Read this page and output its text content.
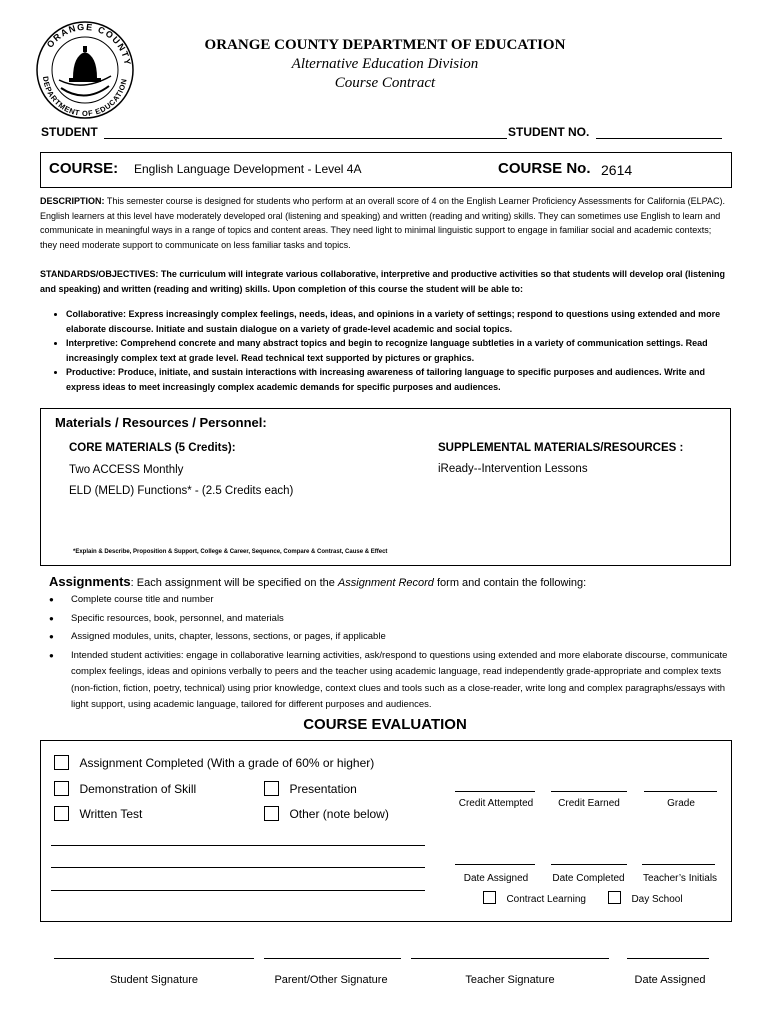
ORANGE COUNTY
DEPARTMENT OF EDUCATION
ORANGE COUNTY DEPARTMENT OF EDUCATION
Alternative Education Division
Course Contract
STUDENT	STUDENT NO.
COURSE: English Language Development - Level 4A	COURSE No. 2614
DESCRIPTION: This semester course is designed for students who perform at an overall score of 4 on the English Learner Proficiency Assessments for California (ELPAC). English learners at this level have moderately developed oral (listening and speaking) and written (reading and writing) skills. They can sometimes use English to learn and communicate in meaningful ways in a range of topics and content areas. They need light to minimal linguistic support to engage in familiar social and academic contexts; they need moderate support to communicate on less familiar tasks and topics.
STANDARDS/OBJECTIVES: The curriculum will integrate various collaborative, interpretive and productive activities so that students will develop oral (listening and speaking) and written (reading and writing) skills. Upon completion of this course the student will be able to:
• Collaborative: Express increasingly complex feelings, needs, ideas, and opinions in a variety of settings; respond to questions using extended and more elaborate discourse. Initiate and sustain dialogue on a variety of grade-level academic and social topics.
• Interpretive: Comprehend concrete and many abstract topics and begin to recognize language subtleties in a variety of communication settings. Read increasingly complex text at grade level. Read technical text supported by pictures or graphics.
• Productive: Produce, initiate, and sustain interactions with increasing awareness of tailoring language to specific purposes and audiences. Write and express ideas to meet increasingly complex academic demands for specific purposes and audiences.
Materials / Resources / Personnel:
CORE MATERIALS (5 Credits):
Two ACCESS Monthly
ELD (MELD) Functions* - (2.5 Credits each)
SUPPLEMENTAL MATERIALS/RESOURCES :
iReady--Intervention Lessons
*Explain & Describe, Proposition & Support, College & Career, Sequence, Compare & Contrast, Cause & Effect
Assignments: Each assignment will be specified on the Assignment Record form and contain the following:
● Complete course title and number
● Specific resources, book, personnel, and materials
● Assigned modules, units, chapter, lessons, sections, or pages, if applicable
● Intended student activities: engage in collaborative learning activities, ask/respond to questions using extended and more elaborate discourse, communicate complex feelings, ideas and opinions verbally to peers and the teacher using academic language, read independently grade-appropriate and complex texts (non-fiction, fiction, poetry, technical) using prior knowledge, context clues and tools such as a close-reader, write long and complex paragraphs/essays with light support, using academic language, tailored for different purposes and audiences.
COURSE EVALUATION
Assignment Completed (With a grade of 60% or higher)
Demonstration of Skill	Presentation
Written Test	Other (note below)
Credit Attempted	Credit Earned	Grade
Date Assigned	Date Completed	Teacher’s Initials
Contract Learning	Day School
Student Signature	Parent/Other Signature	Teacher Signature	Date Assigned
